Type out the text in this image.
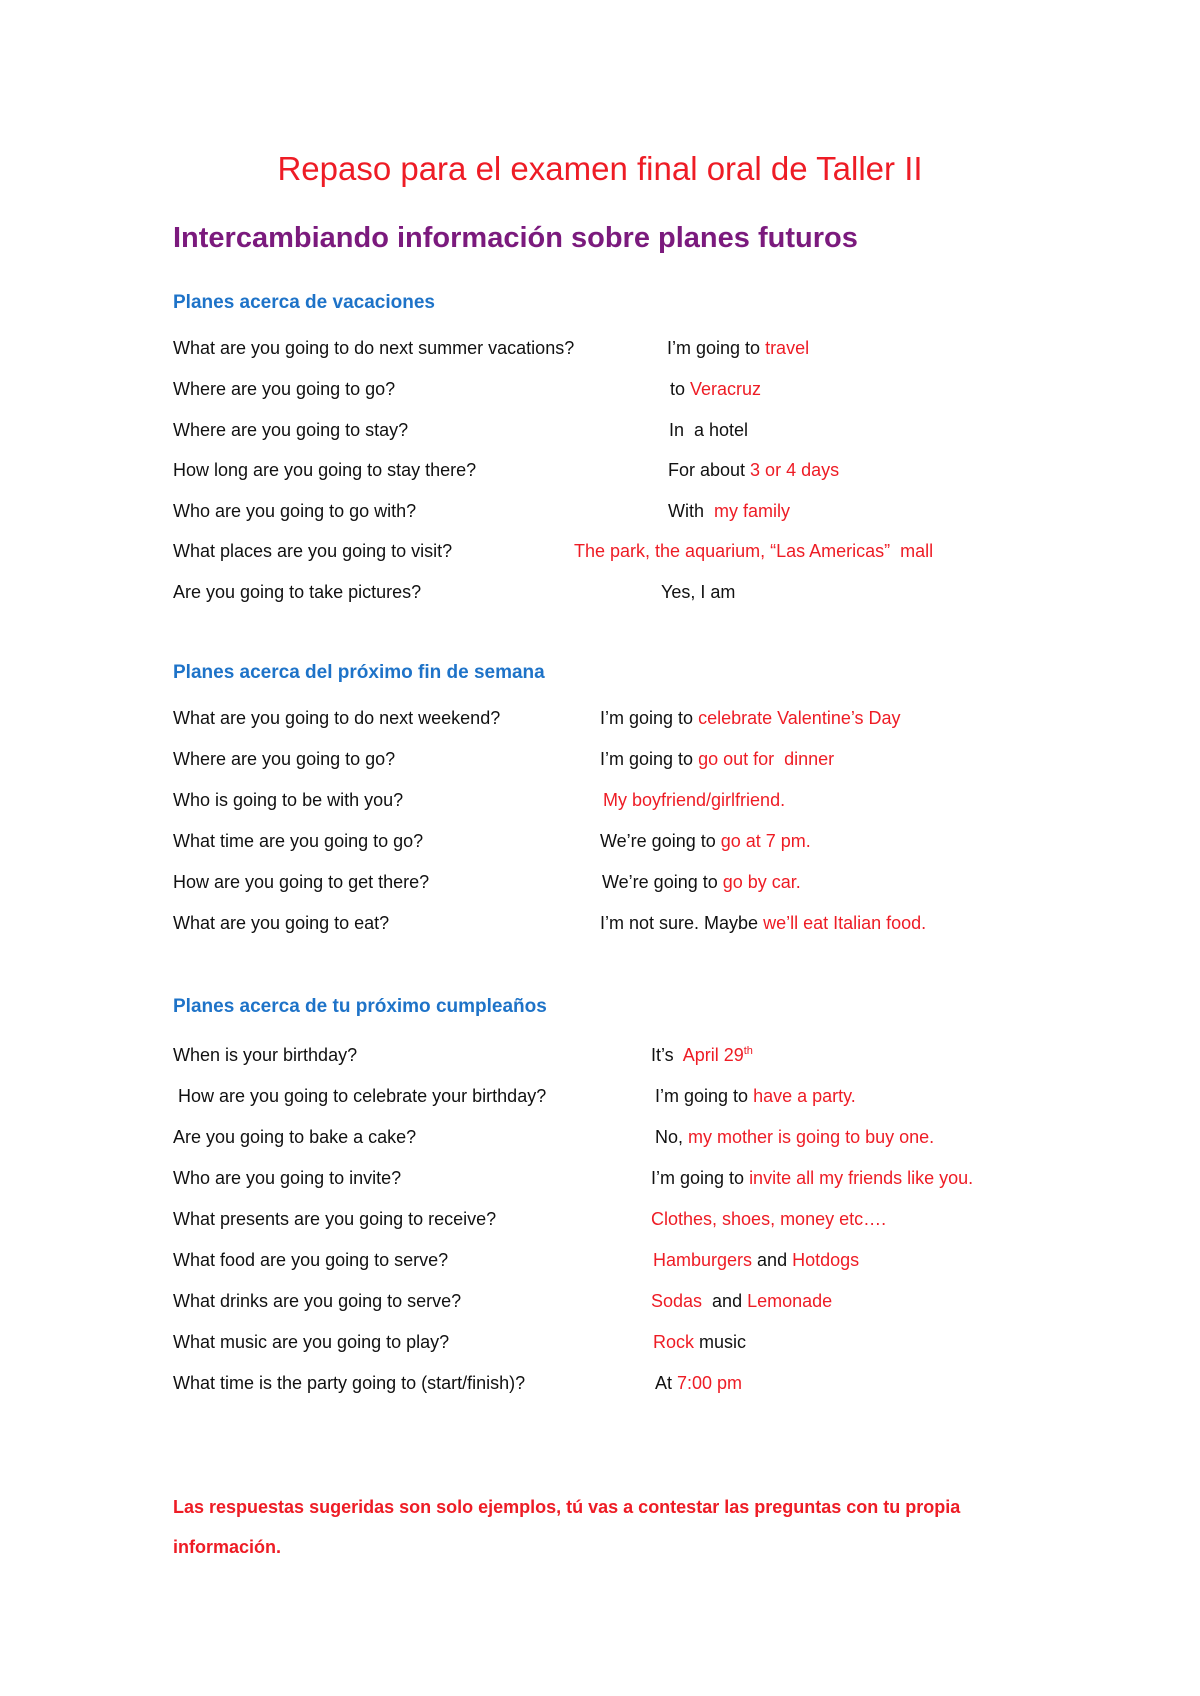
Repaso para el examen final oral de Taller II
Intercambiando información sobre planes futuros
Planes acerca de vacaciones
What are you going to do next summer vacations?	I’m going to travel
Where are you going to go?	to Veracruz
Where are you going to stay?	In  a hotel
How long are you going to stay there?	For about 3 or 4 days
Who are you going to go with?	With  my family
What places are you going to visit?	The park, the aquarium, “Las Americas”  mall
Are you going to take pictures?	Yes, I am
Planes acerca del próximo fin de semana
What are you going to do next weekend?	I’m going to celebrate Valentine’s Day
Where are you going to go?	I’m going to go out for  dinner
Who is going to be with you?	My boyfriend/girlfriend.
What time are you going to go?	We’re going to go at 7 pm.
How are you going to get there?	We’re going to go by car.
What are you going to eat?	I’m not sure. Maybe we’ll eat Italian food.
Planes acerca de tu próximo cumpleaños
When is your birthday?	It’s  April 29th
How are you going to celebrate your birthday?	I’m going to have a party.
Are you going to bake a cake?	No, my mother is going to buy one.
Who are you going to invite?	I’m going to invite all my friends like you.
What presents are you going to receive?	Clothes, shoes, money etc….
What food are you going to serve?	Hamburgers and Hotdogs
What drinks are you going to serve?	Sodas  and Lemonade
What music are you going to play?	Rock music
What time is the party going to (start/finish)?	At 7:00 pm

Las respuestas sugeridas son solo ejemplos, tú vas a contestar las preguntas con tu propia información.
